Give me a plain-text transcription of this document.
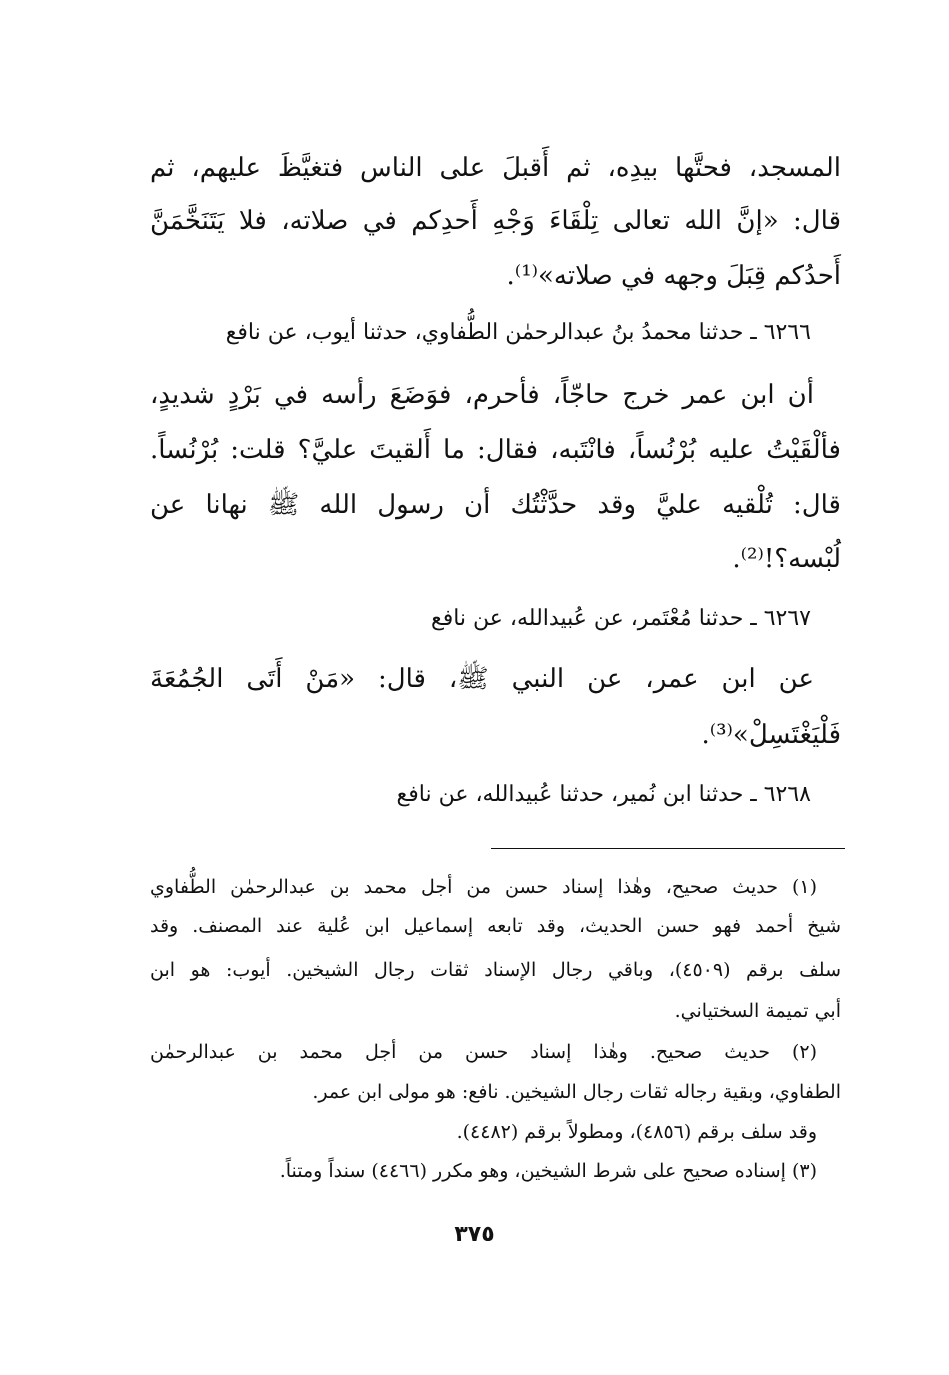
المسجد، فحتَّها بيدِه، ثم أَقبلَ على الناس فتغيَّظَ عليهم، ثم
قال: «إنَّ الله تعالى تِلْقَاءَ وَجْهِ أَحدِكم في صلاته، فلا يَتَنَخَّمَنَّ
أَحدُكم قِبَلَ وجهه في صلاته»⁽¹⁾.
٦٢٦٦ ـ حدثنا محمدُ بنُ عبدالرحمٰن الطُّفاوي، حدثنا أيوب، عن نافع
أن ابن عمر خرج حاجّاً، فأحرم، فوَضَعَ رأسه في بَرْدٍ شديدٍ،
فألْقَيْتُ عليه بُرْنُساً، فانْتَبه، فقال: ما أَلقيتَ عليَّ؟ قلت: بُرْنُساً.
قال: تُلْقيه عليَّ وقد حدَّثْتُك أن رسول الله ﷺ نهانا عن
لُبْسه؟!⁽²⁾.
٦٢٦٧ ـ حدثنا مُعْتَمر، عن عُبيدالله، عن نافع
عن ابن عمر، عن النبي ﷺ، قال: «مَنْ أَتَى الجُمُعَةَ
فَلْيَغْتَسِلْ»⁽³⁾.
٦٢٦٨ ـ حدثنا ابن نُمير، حدثنا عُبيدالله، عن نافع
(١) حديث صحيح، وهٰذا إسناد حسن من أجل محمد بن عبدالرحمٰن الطُّفاوي
شيخ أحمد فهو حسن الحديث، وقد تابعه إسماعيل ابن عُلية عند المصنف. وقد
سلف برقم (٤٥٠٩)، وباقي رجال الإسناد ثقات رجال الشيخين. أيوب: هو ابن
أبي تميمة السختياني.
(٢) حديث صحيح. وهٰذا إسناد حسن من أجل محمد بن عبدالرحمٰن
الطفاوي، وبقية رجاله ثقات رجال الشيخين. نافع: هو مولى ابن عمر.
وقد سلف برقم (٤٨٥٦)، ومطولاً برقم (٤٤٨٢).
(٣) إسناده صحيح على شرط الشيخين، وهو مكرر (٤٤٦٦) سنداً ومتناً.
٣٧٥
